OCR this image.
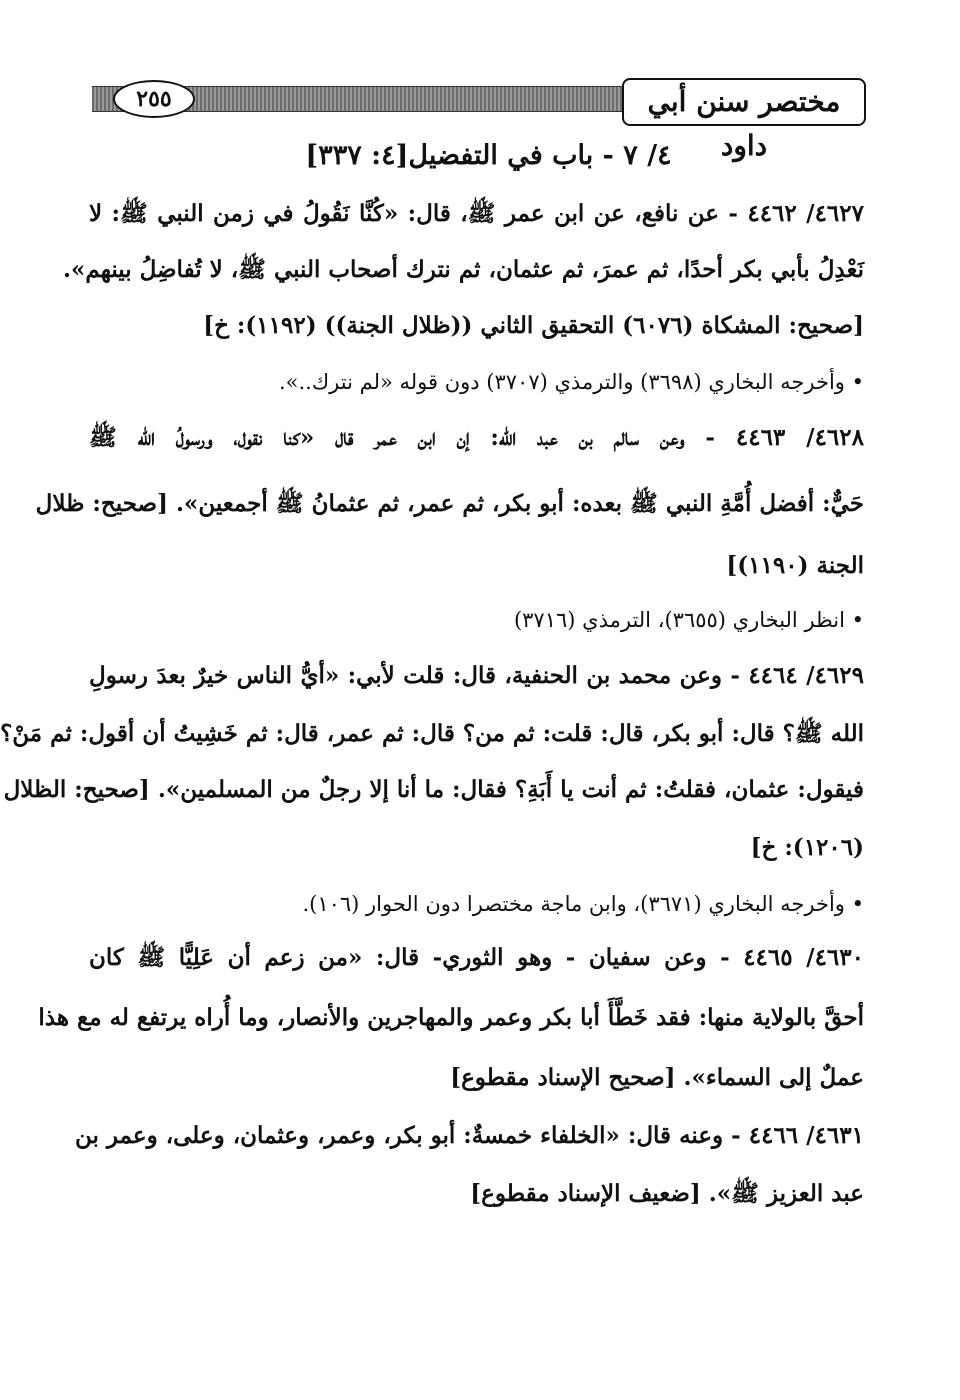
٢٥٥	مختصر سنن أبي داود
٤/ ٧ - باب في التفضيل[٤: ٣٣٧]
٤٦٢٧/ ٤٤٦٢ - عن نافع، عن ابن عمر ﷺ، قال: «كُنَّا نَقُولُ في زمن النبي ﷺ: لا
نَعْدِلُ بأبي بكر أحدًا، ثم عمرَ، ثم عثمان، ثم نترك أصحاب النبي ﷺ، لا تُفاضِلُ بينهم».
[صحيح: المشكاة (٦٠٧٦) التحقيق الثاني ((ظلال الجنة)) (١١٩٢): خ]
• وأخرجه البخاري (٣٦٩٨) والترمذي (٣٧٠٧) دون قوله «لم نترك..».
٤٦٢٨/ ٤٤٦٣ - وعن سالم بن عبد الله: إن ابن عمر قال «كنا نقول، ورسولُ الله ﷺ
حَيٌّ: أفضل أُمَّةِ النبي ﷺ بعده: أبو بكر، ثم عمر، ثم عثمانُ ﷺ أجمعين». [صحيح: ظلال
الجنة (١١٩٠)]
• انظر البخاري (٣٦٥٥)، الترمذي (٣٧١٦)
٤٦٢٩/ ٤٤٦٤ - وعن محمد بن الحنفية، قال: قلت لأبي: «أيُّ الناس خيرٌ بعدَ رسولِ
الله ﷺ؟ قال: أبو بكر، قال: قلت: ثم من؟ قال: ثم عمر، قال: ثم خَشِيتُ أن أقول: ثم مَنْ؟
فيقول: عثمان، فقلتُ: ثم أنت يا أَبَةِ؟ فقال: ما أنا إلا رجلٌ من المسلمين». [صحيح: الظلال
(١٢٠٦): خ]
• وأخرجه البخاري (٣٦٧١)، وابن ماجة مختصرا دون الحوار (١٠٦).
٤٦٣٠/ ٤٤٦٥ - وعن سفيان - وهو الثوري- قال: «من زعم أن عَلِيًّا ﷺ كان
أحقَّ بالولاية منها: فقد خَطَّأَ أبا بكر وعمر والمهاجرين والأنصار، وما أُراه يرتفع له مع هذا
عملٌ إلى السماء». [صحيح الإسناد مقطوع]
٤٦٣١/ ٤٤٦٦ - وعنه قال: «الخلفاء خمسةٌ: أبو بكر، وعمر، وعثمان، وعلى، وعمر بن
عبد العزيز ﷺ». [ضعيف الإسناد مقطوع]
